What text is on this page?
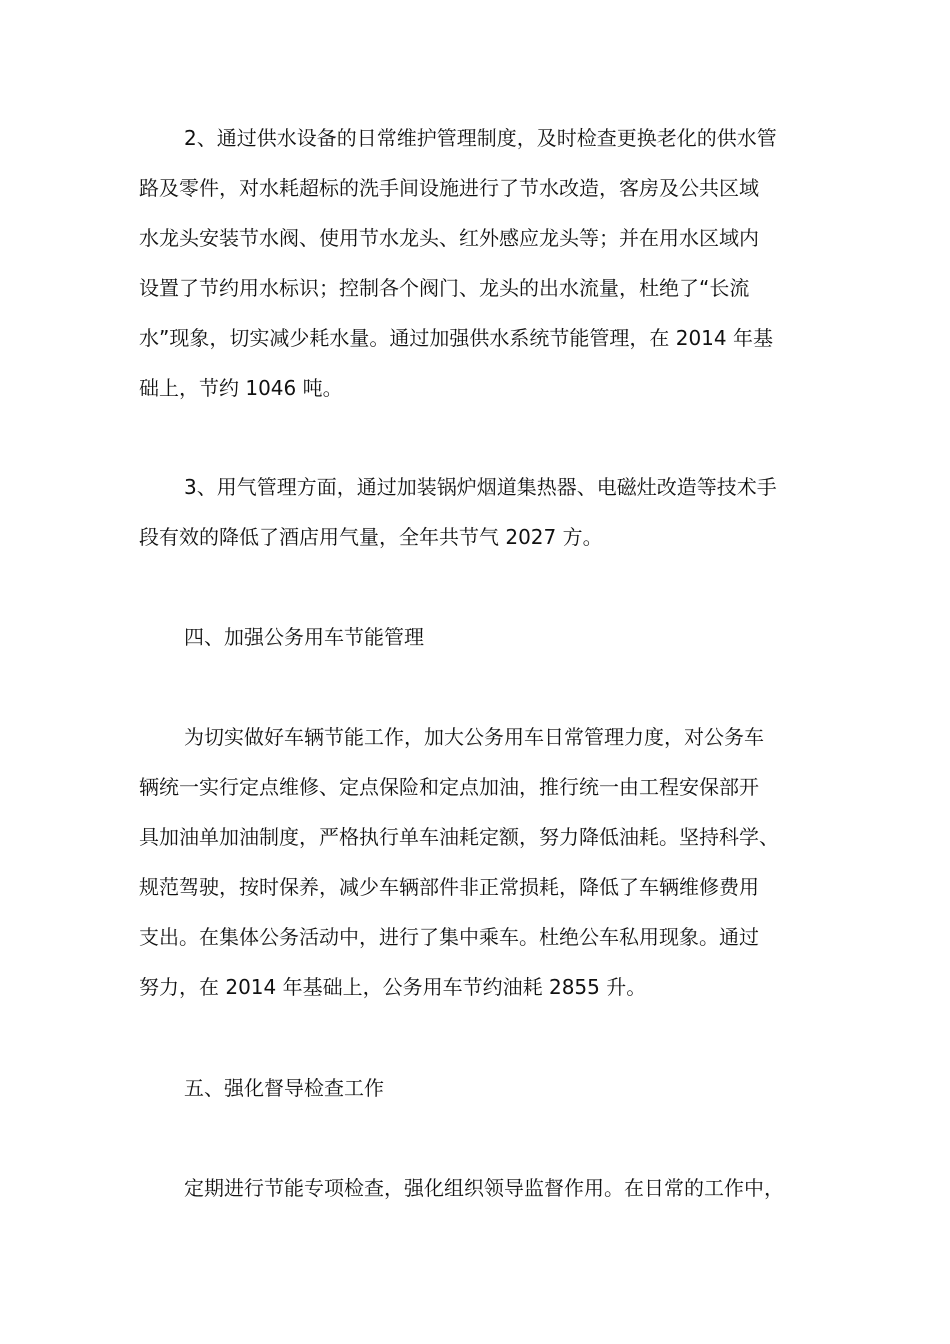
2、通过供水设备的日常维护管理制度，及时检查更换老化的供水管
路及零件，对水耗超标的洗手间设施进行了节水改造，客房及公共区域
水龙头安装节水阀、使用节水龙头、红外感应龙头等；并在用水区域内
设置了节约用水标识；控制各个阀门、龙头的出水流量，杜绝了“长流
水”现象，切实减少耗水量。通过加强供水系统节能管理，在 2014 年基
础上，节约 1046 吨。
3、用气管理方面，通过加装锅炉烟道集热器、电磁灶改造等技术手
段有效的降低了酒店用气量，全年共节气 2027 方。
四、加强公务用车节能管理
为切实做好车辆节能工作，加大公务用车日常管理力度，对公务车
辆统一实行定点维修、定点保险和定点加油，推行统一由工程安保部开
具加油单加油制度，严格执行单车油耗定额，努力降低油耗。坚持科学、
规范驾驶，按时保养，减少车辆部件非正常损耗，降低了车辆维修费用
支出。在集体公务活动中，进行了集中乘车。杜绝公车私用现象。通过
努力，在 2014 年基础上，公务用车节约油耗 2855 升。
五、强化督导检查工作
定期进行节能专项检查，强化组织领导监督作用。在日常的工作中，
